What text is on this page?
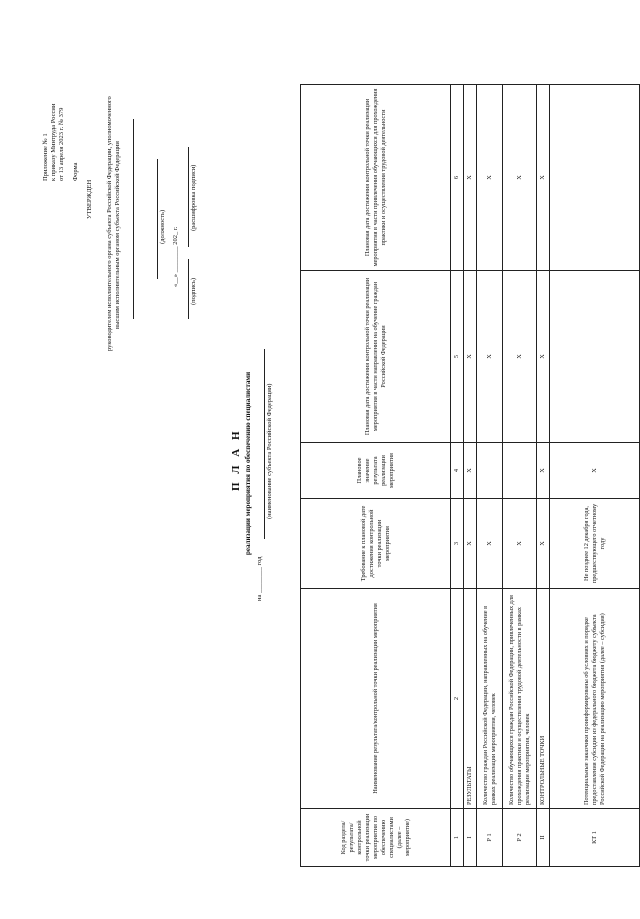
Приложение № 1 к приказу Минтруда России от 13 апреля 2023 г. № 379 Форма
УТВЕРЖДЕН руководителем исполнительного органа субъекта Российской Федерации, уполномоченного высшим исполнительным органом субъекта Российской Федерации	(должность) «__» ________ 202_ г.
(подпись)
(расшифровка подписи)
П Л А Н реализации мероприятия по обеспечению специалистами
на ________ год
(наименование субъекта Российской Федерации)
Код раздела/ результата/ контрольной точки реализации мероприятия по обеспечению специалистами (далее – мероприятие)	Наименование результата/контрольной точки реализации мероприятия	Требование к плановой дате достижения контрольной точки реализации мероприятия	Плановое значение результата реализации мероприятия	Плановая дата достижения контрольной точки реализации мероприятия в части направления на обучение граждан Российской Федерации	Плановая дата достижения контрольной точки реализации мероприятия в части привлечения обучающихся для прохождения практики и осуществления трудовой деятельности
1	2	3	4	5	6
I	РЕЗУЛЬТАТЫ	X	X	X	X
Р 1	Количество граждан Российской Федерации, направленных на обучение в рамках реализации мероприятия, человек	X		X	X
Р 2	Количество обучающихся граждан Российской Федерации, привлеченных для прохождения практики и осуществления трудовой деятельности в рамках реализации мероприятия, человек	X		X	X
II	КОНТРОЛЬНЫЕ ТОЧКИ	X	X	X	X
КТ 1	Потенциальные заказчики проинформированы об условиях и порядке предоставления субсидии из федерального бюджета бюджету субъекта Российской Федерации на реализацию мероприятия (далее – субсидия)	Не позднее 12 декабря года, предшествующего отчетному году	X		
